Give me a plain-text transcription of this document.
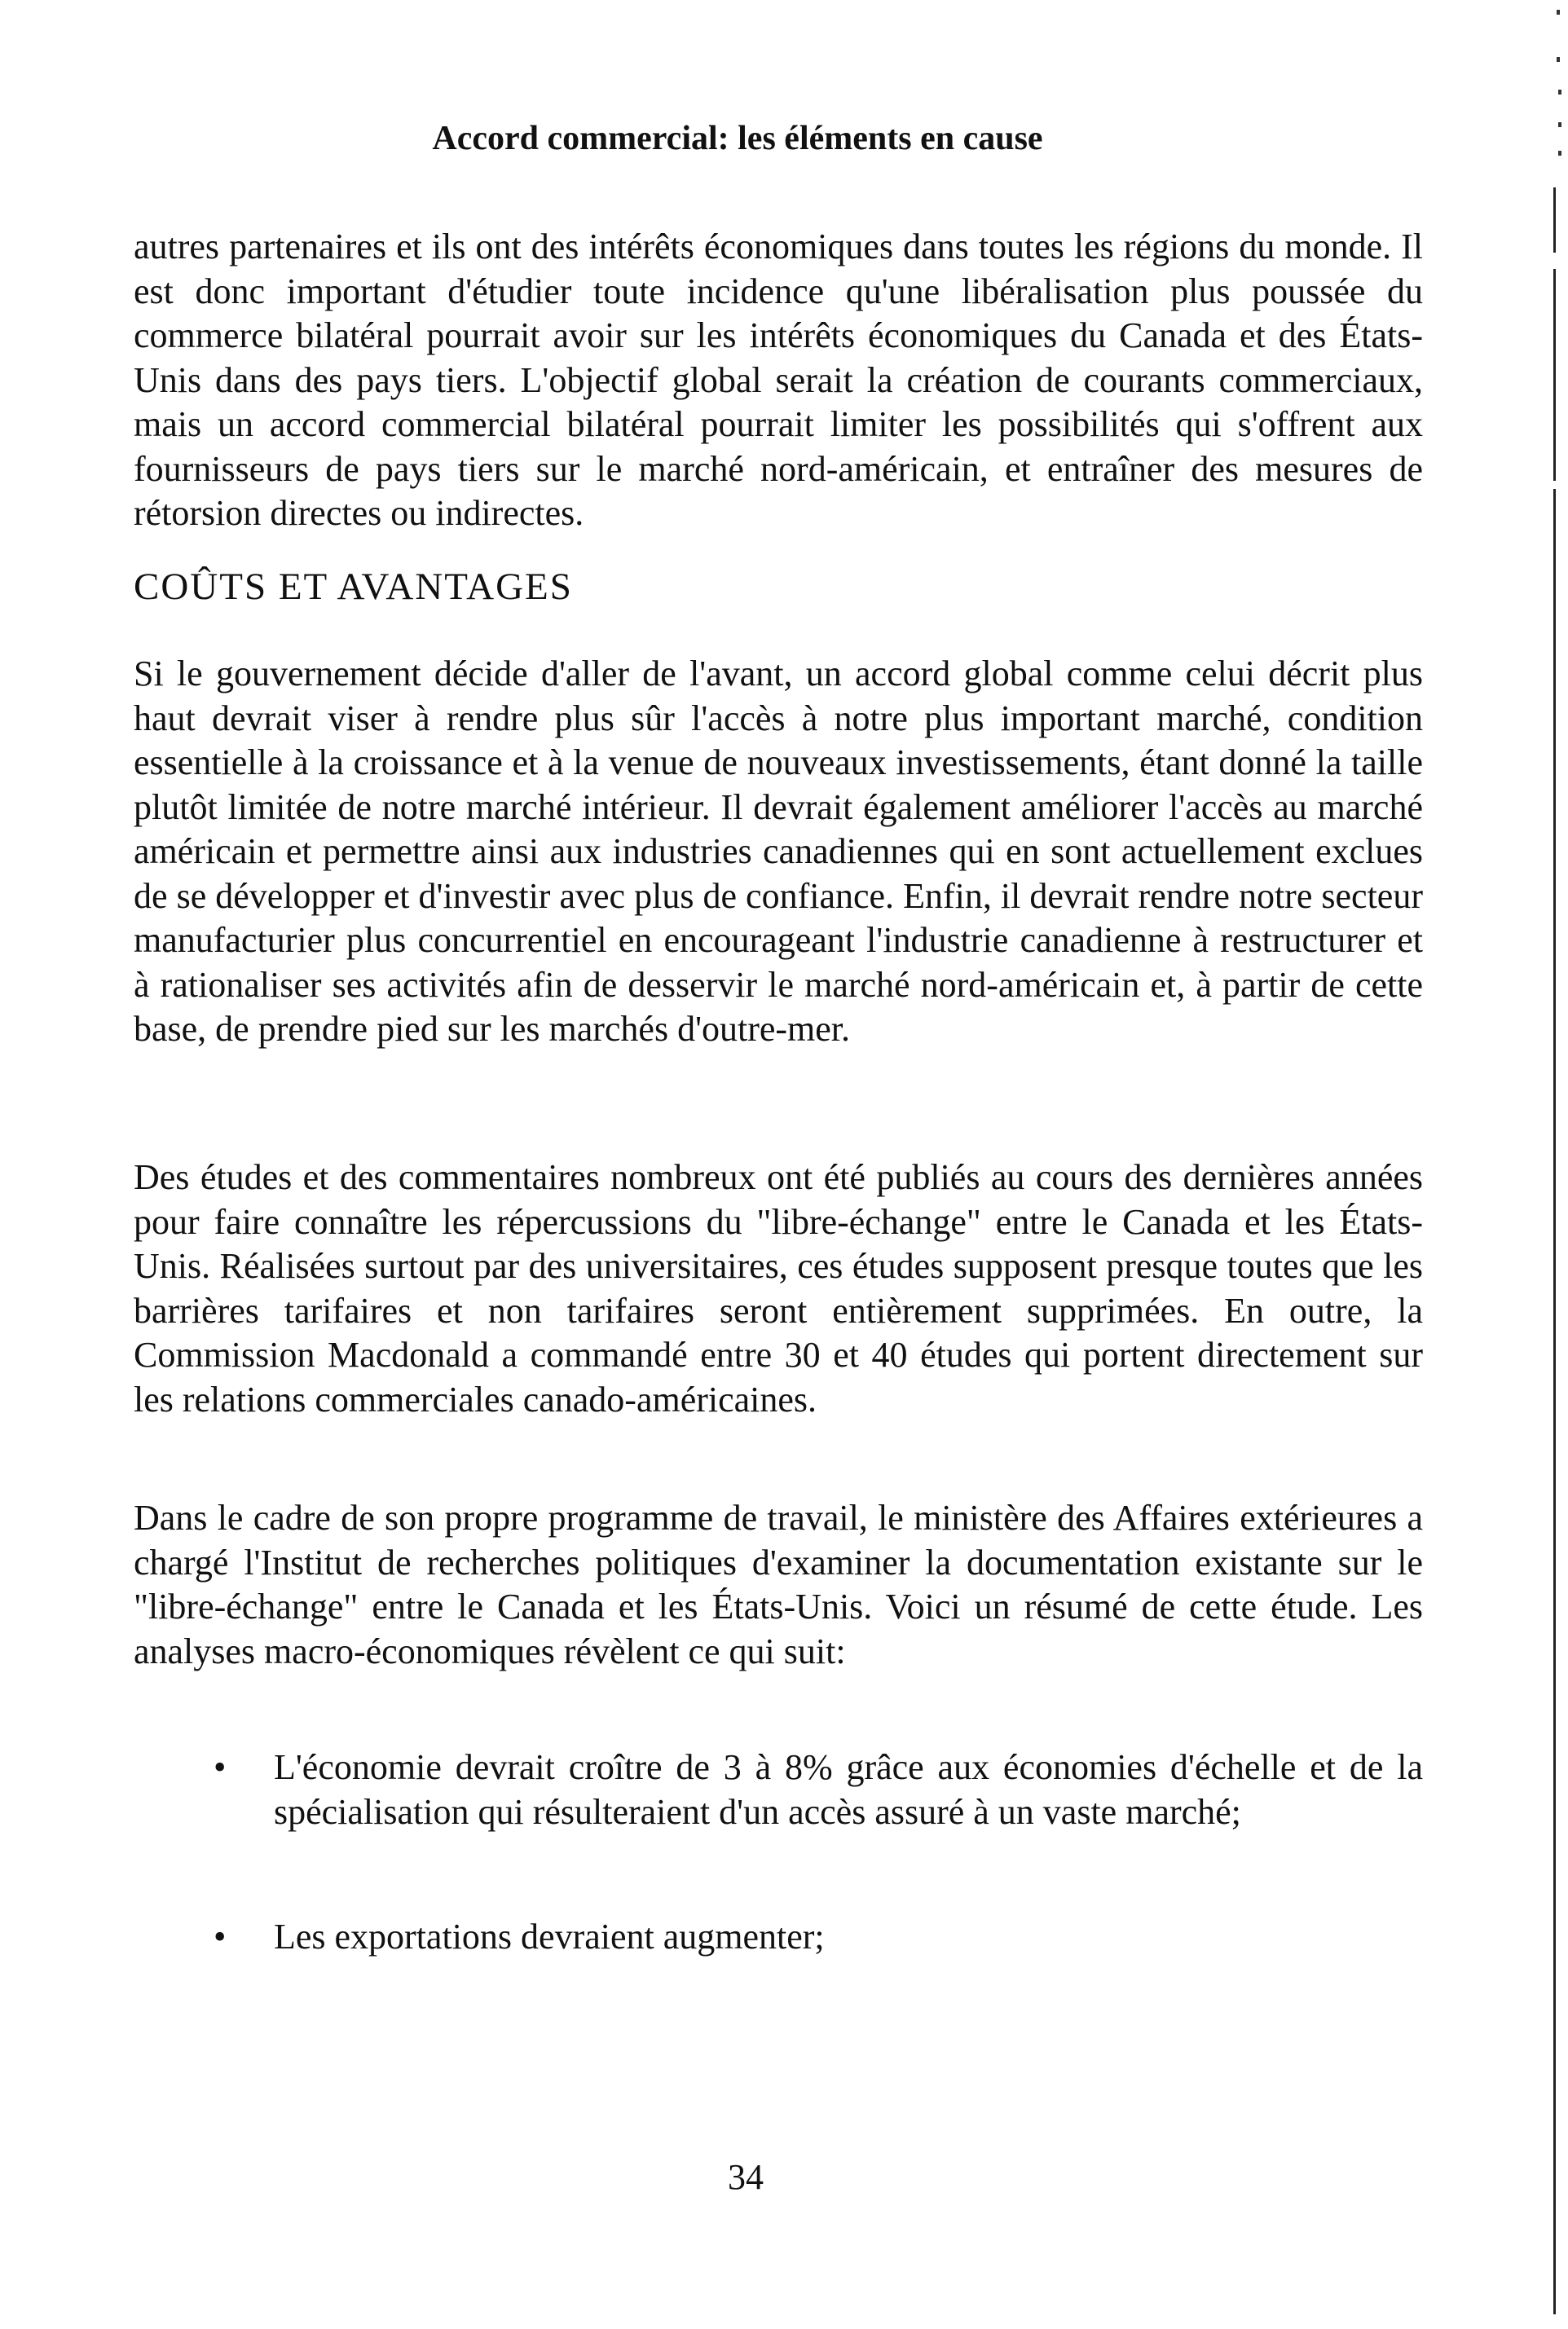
Accord commercial: les éléments en cause

autres partenaires et ils ont des intérêts économiques dans toutes les régions du monde. Il est donc important d'étudier toute incidence qu'une libéralisation plus poussée du commerce bilatéral pourrait avoir sur les intérêts économiques du Canada et des États-Unis dans des pays tiers. L'objectif global serait la création de courants commerciaux, mais un accord commercial bilatéral pourrait limiter les possibilités qui s'offrent aux fournisseurs de pays tiers sur le marché nord-américain, et entraîner des mesures de rétorsion directes ou indirectes.

COÛTS ET AVANTAGES

Si le gouvernement décide d'aller de l'avant, un accord global comme celui décrit plus haut devrait viser à rendre plus sûr l'accès à notre plus important marché, condition essentielle à la croissance et à la venue de nouveaux investissements, étant donné la taille plutôt limitée de notre marché intérieur. Il devrait également améliorer l'accès au marché américain et permettre ainsi aux industries canadiennes qui en sont actuellement exclues de se développer et d'investir avec plus de confiance. Enfin, il devrait rendre notre secteur manufacturier plus concurrentiel en encourageant l'industrie canadienne à restructurer et à rationaliser ses activités afin de desservir le marché nord-américain et, à partir de cette base, de prendre pied sur les marchés d'outre-mer.

Des études et des commentaires nombreux ont été publiés au cours des dernières années pour faire connaître les répercussions du "libre-échange" entre le Canada et les États-Unis. Réalisées surtout par des universitaires, ces études supposent presque toutes que les barrières tarifaires et non tarifaires seront entièrement supprimées. En outre, la Commission Macdonald a commandé entre 30 et 40 études qui portent directement sur les relations commerciales canado-américaines.

Dans le cadre de son propre programme de travail, le ministère des Affaires extérieures a chargé l'Institut de recherches politiques d'examiner la documentation existante sur le "libre-échange" entre le Canada et les États-Unis. Voici un résumé de cette étude. Les analyses macro-économiques révèlent ce qui suit:

• L'économie devrait croître de 3 à 8% grâce aux économies d'échelle et de la spécialisation qui résulteraient d'un accès assuré à un vaste marché;
• Les exportations devraient augmenter;
34
